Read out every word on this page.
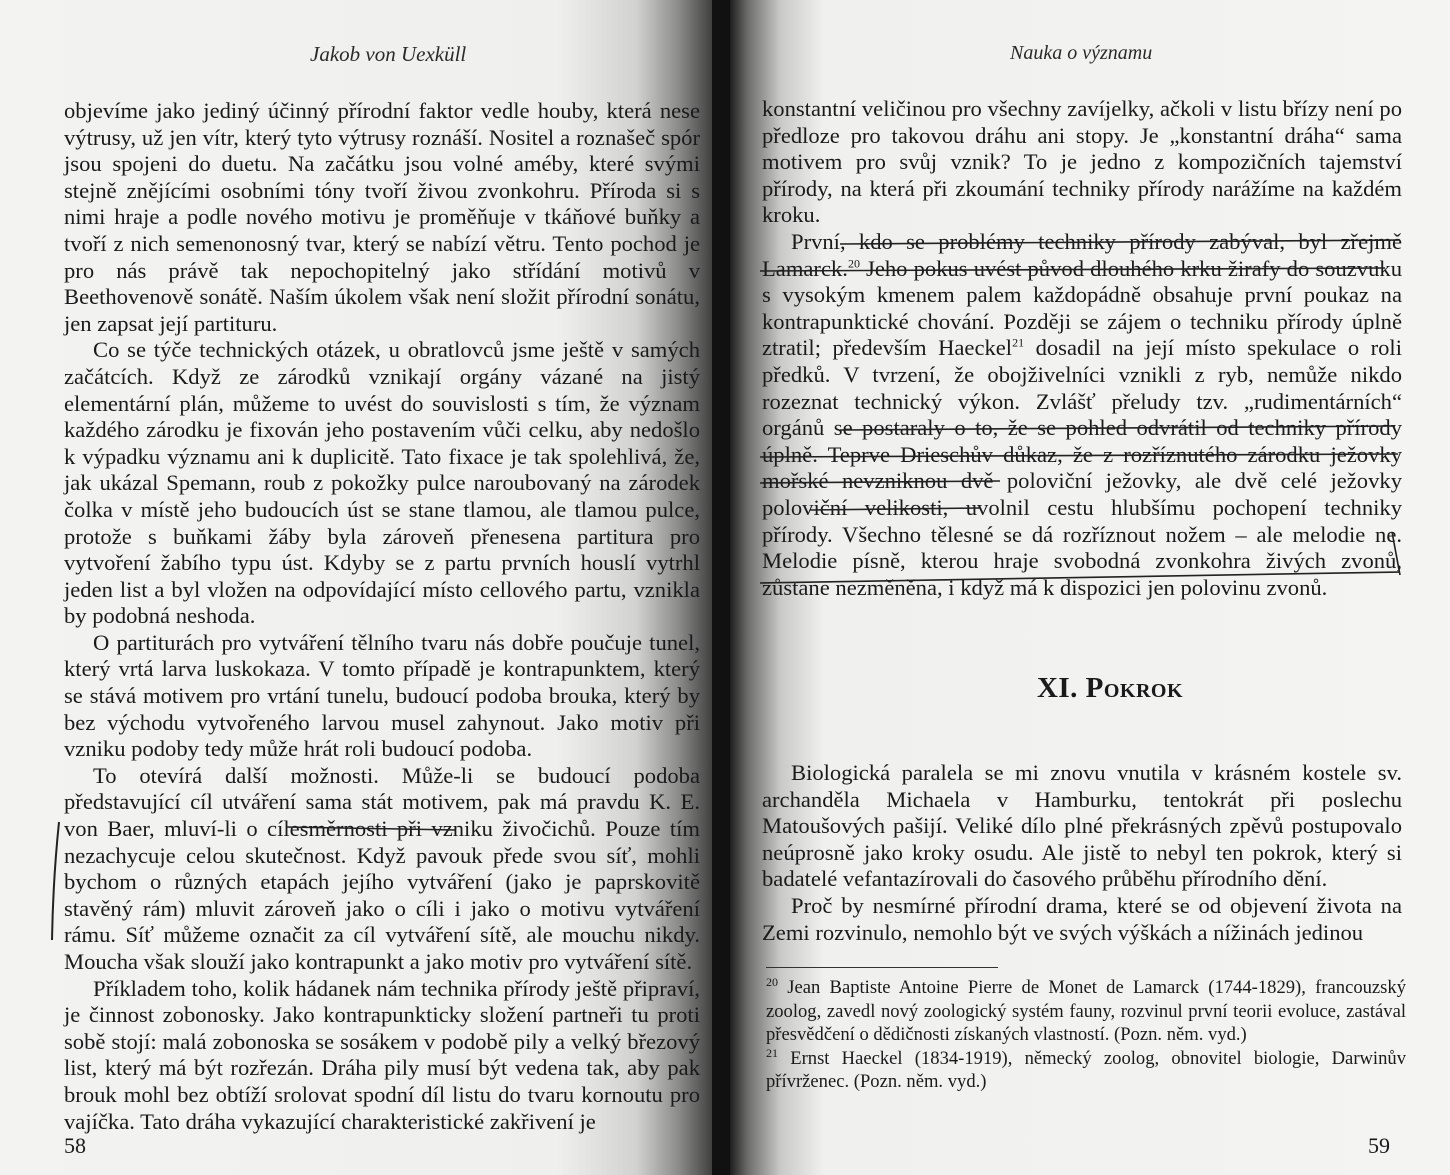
Jakob von Uexküll

objevíme jako jediný účinný přírodní faktor vedle houby, která nese výtrusy, už jen vítr, který tyto výtrusy roznáší. Nositel a roznašeč spór jsou spojeni do duetu. Na začátku jsou volné améby, které svými stejně znějícími osobními tóny tvoří živou zvonkohru. Příroda si s nimi hraje a podle nového motivu je proměňuje v tkáňové buňky a tvoří z nich semenonosný tvar, který se nabízí větru. Tento pochod je pro nás právě tak nepochopitelný jako střídání motivů v Beethovenově sonátě. Naším úkolem však není složit přírodní sonátu, jen zapsat její partituru.

Co se týče technických otázek, u obratlovců jsme ještě v samých začátcích. Když ze zárodků vznikají orgány vázané na jistý elementární plán, můžeme to uvést do souvislosti s tím, že význam každého zárodku je fixován jeho postavením vůči celku, aby nedošlo k výpadku významu ani k duplicitě. Tato fixace je tak spolehlivá, že, jak ukázal Spemann, roub z pokožky pulce naroubovaný na zárodek čolka v místě jeho budoucích úst se stane tlamou, ale tlamou pulce, protože s buňkami žáby byla zároveň přenesena partitura pro vytvoření žabího typu úst. Kdyby se z partu prvních houslí vytrhl jeden list a byl vložen na odpovídající místo cellového partu, vznikla by podobná neshoda.

O partiturách pro vytváření tělního tvaru nás dobře poučuje tunel, který vrtá larva luskokaza. V tomto případě je kontrapunktem, který se stává motivem pro vrtání tunelu, budoucí podoba brouka, který by bez východu vytvořeného larvou musel zahynout. Jako motiv při vzniku podoby tedy může hrát roli budoucí podoba.

To otevírá další možnosti. Může-li se budoucí podoba představující cíl utváření sama stát motivem, pak má pravdu K. E. von Baer, mluví-li o cílesměrnosti při vzniku živočichů. Pouze tím nezachycuje celou skutečnost. Když pavouk přede svou síť, mohli bychom o různých etapách jejího vytváření (jako je paprskovitě stavěný rám) mluvit zároveň jako o cíli i jako o motivu vytváření rámu. Síť můžeme označit za cíl vytváření sítě, ale mouchu nikdy. Moucha však slouží jako kontrapunkt a jako motiv pro vytváření sítě.

Příkladem toho, kolik hádanek nám technika přírody ještě připraví, je činnost zobonosky. Jako kontrapunkticky složení partneři tu proti sobě stojí: malá zobonoska se sosákem v podobě pily a velký březový list, který má být rozřezán. Dráha pily musí být vedena tak, aby pak brouk mohl bez obtíží srolovat spodní díl listu do tvaru kornoutu pro vajíčka. Tato dráha vykazující charakteristické zakřivení je

58
Nauka o významu

konstantní veličinou pro všechny zavíjelky, ačkoli v listu břízy není po předloze pro takovou dráhu ani stopy. Je „konstantní dráha“ sama motivem pro svůj vznik? To je jedno z kompozičních tajemství přírody, na která při zkoumání techniky přírody narážíme na každém kroku.

První, kdo se problémy techniky přírody zabýval, byl zřejmě Lamarck.$^{20}$ Jeho pokus uvést původ dlouhého krku žirafy do souzvuku s vysokým kmenem palem každopádně obsahuje první poukaz na kontrapunktické chování. Později se zájem o techniku přírody úplně ztratil; především Haeckel$^{21}$ dosadil na její místo spekulace o roli předků. V tvrzení, že obojživelníci vznikli z ryb, nemůže nikdo rozeznat technický výkon. Zvlášť přeludy tzv. „rudimentárních“ orgánů se postaraly o to, že se pohled odvrátil od techniky přírody úplně. Teprve Drieschův důkaz, že z rozříznutého zárodku ježovky mořské nevzniknou dvě poloviční ježovky, ale dvě celé ježovky poloviční velikosti, uvolnil cestu hlubšímu pochopení techniky přírody. Všechno tělesné se dá rozříznout nožem – ale melodie ne. Melodie písně, kterou hraje svobodná zvonkohra živých zvonů, zůstane nezměněna, i když má k dispozici jen polovinu zvonů.

XI. Pokrok

Biologická paralela se mi znovu vnutila v krásném kostele sv. archanděla Michaela v Hamburku, tentokrát při poslechu Matoušových pašijí. Veliké dílo plné překrásných zpěvů postupovalo neúprosně jako kroky osudu. Ale jistě to nebyl ten pokrok, který si badatelé vefantazírovali do časového průběhu přírodního dění.

Proč by nesmírné přírodní drama, které se od objevení života na Zemi rozvinulo, nemohlo být ve svých výškách a nížinách jedinou

$^{20}$ Jean Baptiste Antoine Pierre de Monet de Lamarck (1744-1829), francouzský zoolog, zavedl nový zoologický systém fauny, rozvinul první teorii evoluce, zastával přesvědčení o dědičnosti získaných vlastností. (Pozn. něm. vyd.)

$^{21}$ Ernst Haeckel (1834-1919), německý zoolog, obnovitel biologie, Darwinův přívrženec. (Pozn. něm. vyd.)

59
